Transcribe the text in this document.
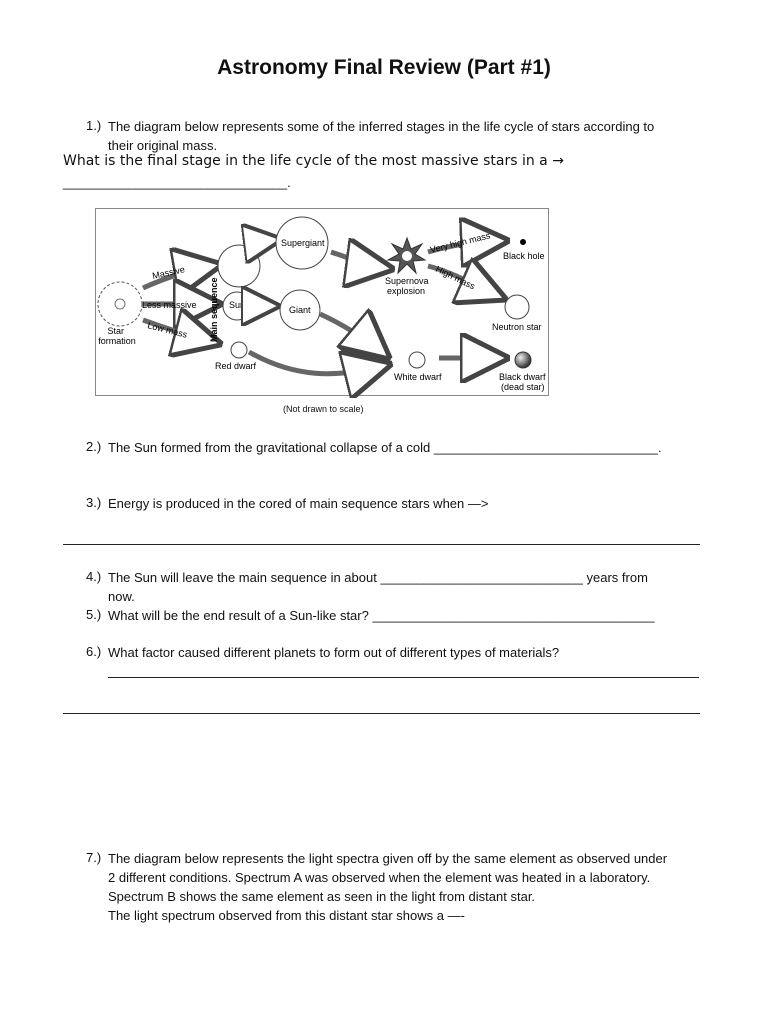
Astronomy Final Review (Part #1)
1.) The diagram below represents some of the inferred stages in the life cycle of stars according to
their original mass.
What is the final stage in the life cycle of the most massive stars in a →
_______________________________.
Star formation
Massive
Less massive
Low mass Main sequence Sun
Red dwarf
Supergiant
Giant
Supernova explosion
Very high mass
High mass
Black hole
Neutron star
White dwarf	Black dwarf (dead star)
(Not drawn to scale)
2.) The Sun formed from the gravitational collapse of a cold _______________________________.
3.) Energy is produced in the cored of main sequence stars when —>
4.) The Sun will leave the main sequence in about ____________________________ years from
now.
5.) What will be the end result of a Sun-like star? _______________________________________
6.) What factor caused different planets to form out of different types of materials?
7.) The diagram below represents the light spectra given off by the same element as observed under
2 different conditions. Spectrum A was observed when the element was heated in a laboratory.
Spectrum B shows the same element as seen in the light from distant star.
The light spectrum observed from this distant star shows a —-
